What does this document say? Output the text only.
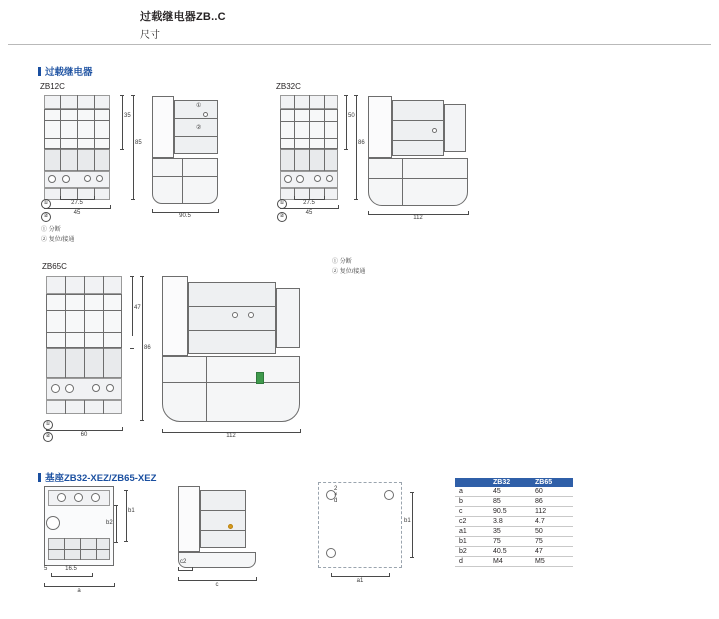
过载继电器ZB..C
尺寸
过载继电器
ZB12C
45
27.5
35
85
①
②
① 分断
② 复位/接通
①
②
90.5
ZB32C
45
27.5
50
86
①
②
① 分断
② 复位/接通
112
ZB65C
60
47
86
①
②	112
基座ZB32-XEZ/ZB65-XEZ
b1
b2
a
16.5
5
c
c2
2 × d
b1
a1
	ZB32	ZB65
a	45	60
b	85	86
c	90.5	112
c2	3.8	4.7
a1	35	50
b1	75	75
b2	40.5	47
d	M4	M5
